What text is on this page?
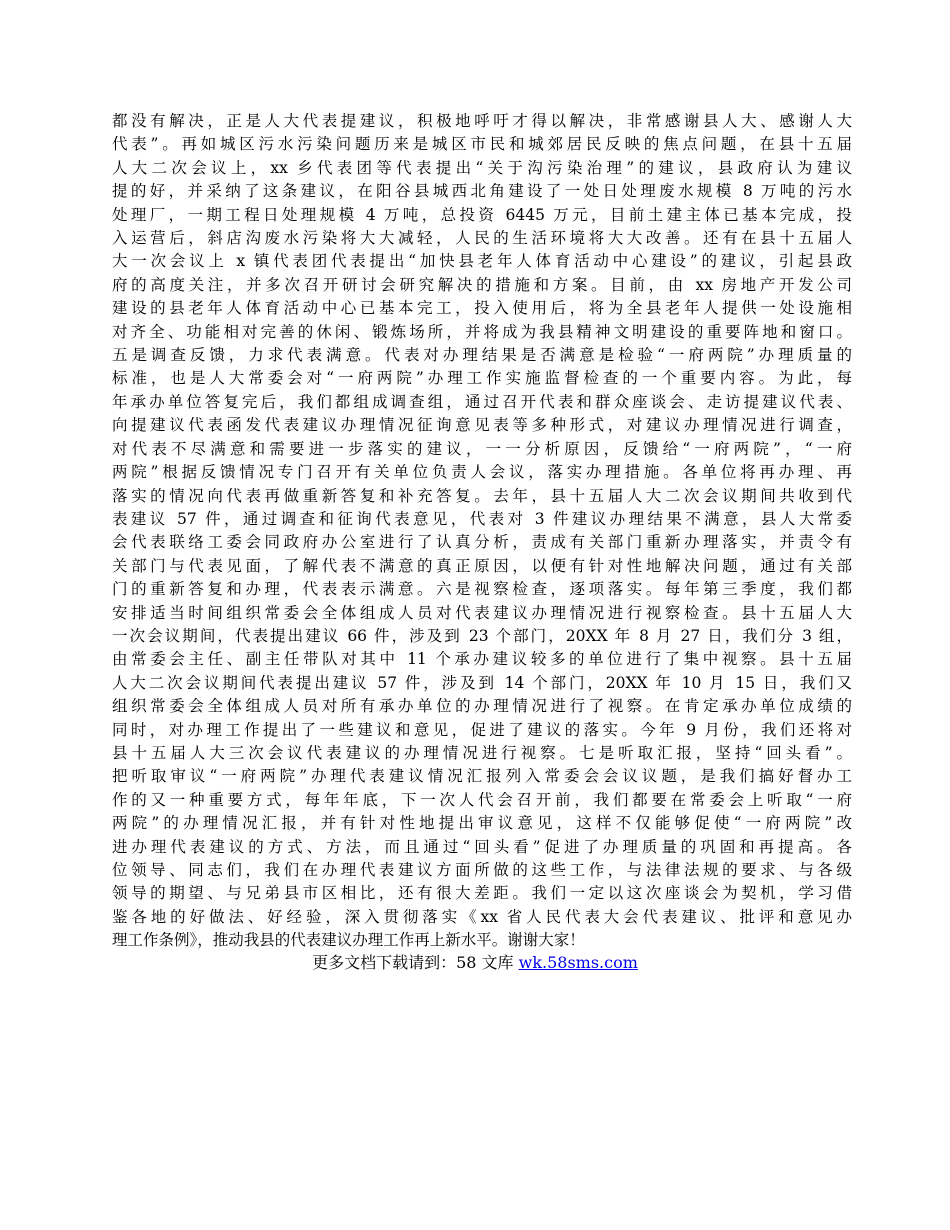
都没有解决，正是人大代表提建议，积极地呼吁才得以解决，非常感谢县人大、感谢人大
代表”。再如城区污水污染问题历来是城区市民和城郊居民反映的焦点问题，在县十五届
人大二次会议上，xx 乡代表团等代表提出“关于沟污染治理”的建议，县政府认为建议
提的好，并采纳了这条建议，在阳谷县城西北角建设了一处日处理废水规模 8 万吨的污水
处理厂，一期工程日处理规模 4 万吨，总投资 6445 万元，目前土建主体已基本完成，投
入运营后，斜店沟废水污染将大大减轻，人民的生活环境将大大改善。还有在县十五届人
大一次会议上 x 镇代表团代表提出“加快县老年人体育活动中心建设”的建议，引起县政
府的高度关注，并多次召开研讨会研究解决的措施和方案。目前，由 xx 房地产开发公司
建设的县老年人体育活动中心已基本完工，投入使用后，将为全县老年人提供一处设施相
对齐全、功能相对完善的休闲、锻炼场所，并将成为我县精神文明建设的重要阵地和窗口。
五是调查反馈，力求代表满意。代表对办理结果是否满意是检验“一府两院”办理质量的
标准，也是人大常委会对“一府两院”办理工作实施监督检查的一个重要内容。为此，每
年承办单位答复完后，我们都组成调查组，通过召开代表和群众座谈会、走访提建议代表、
向提建议代表函发代表建议办理情况征询意见表等多种形式，对建议办理情况进行调查，
对代表不尽满意和需要进一步落实的建议，一一分析原因，反馈给“一府两院”，“一府
两院”根据反馈情况专门召开有关单位负责人会议，落实办理措施。各单位将再办理、再
落实的情况向代表再做重新答复和补充答复。去年，县十五届人大二次会议期间共收到代
表建议 57 件，通过调查和征询代表意见，代表对 3 件建议办理结果不满意，县人大常委
会代表联络工委会同政府办公室进行了认真分析，责成有关部门重新办理落实，并责令有
关部门与代表见面，了解代表不满意的真正原因，以便有针对性地解决问题，通过有关部
门的重新答复和办理，代表表示满意。六是视察检查，逐项落实。每年第三季度，我们都
安排适当时间组织常委会全体组成人员对代表建议办理情况进行视察检查。县十五届人大
一次会议期间，代表提出建议 66 件，涉及到 23 个部门，20XX 年 8 月 27 日，我们分 3 组，
由常委会主任、副主任带队对其中 11 个承办建议较多的单位进行了集中视察。县十五届
人大二次会议期间代表提出建议 57 件，涉及到 14 个部门，20XX 年 10 月 15 日，我们又
组织常委会全体组成人员对所有承办单位的办理情况进行了视察。在肯定承办单位成绩的
同时，对办理工作提出了一些建议和意见，促进了建议的落实。今年 9 月份，我们还将对
县十五届人大三次会议代表建议的办理情况进行视察。七是听取汇报，坚持“回头看”。
把听取审议“一府两院”办理代表建议情况汇报列入常委会会议议题，是我们搞好督办工
作的又一种重要方式，每年年底，下一次人代会召开前，我们都要在常委会上听取“一府
两院”的办理情况汇报，并有针对性地提出审议意见，这样不仅能够促使“一府两院”改
进办理代表建议的方式、方法，而且通过“回头看”促进了办理质量的巩固和再提高。各
位领导、同志们，我们在办理代表建议方面所做的这些工作，与法律法规的要求、与各级
领导的期望、与兄弟县市区相比，还有很大差距。我们一定以这次座谈会为契机，学习借
鉴各地的好做法、好经验，深入贯彻落实《xx 省人民代表大会代表建议、批评和意见办
理工作条例》，推动我县的代表建议办理工作再上新水平。谢谢大家！
更多文档下载请到：58 文库 wk.58sms.com
